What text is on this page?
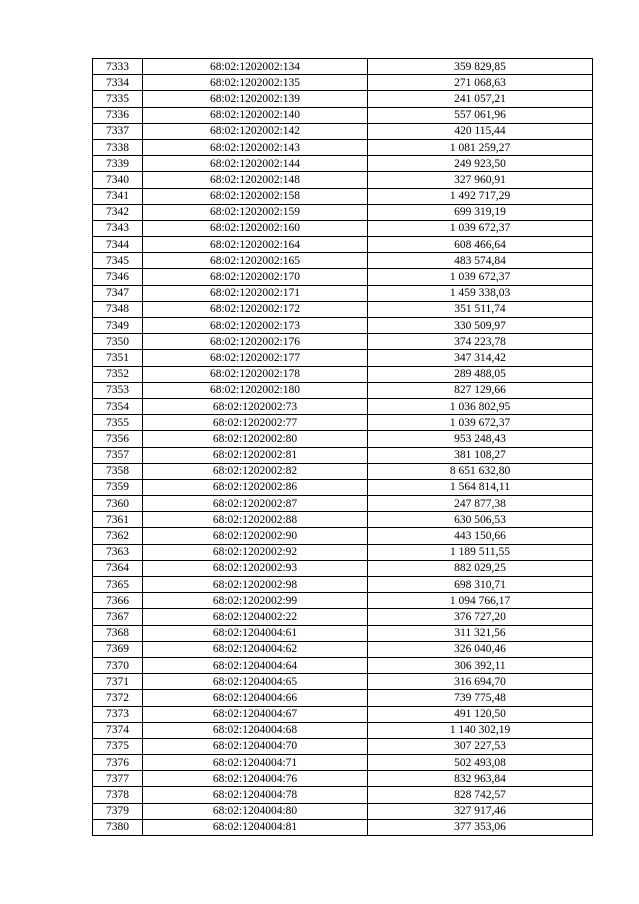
7333	68:02:1202002:134	359 829,85
7334	68:02:1202002:135	271 068,63
7335	68:02:1202002:139	241 057,21
7336	68:02:1202002:140	557 061,96
7337	68:02:1202002:142	420 115,44
7338	68:02:1202002:143	1 081 259,27
7339	68:02:1202002:144	249 923,50
7340	68:02:1202002:148	327 960,91
7341	68:02:1202002:158	1 492 717,29
7342	68:02:1202002:159	699 319,19
7343	68:02:1202002:160	1 039 672,37
7344	68:02:1202002:164	608 466,64
7345	68:02:1202002:165	483 574,84
7346	68:02:1202002:170	1 039 672,37
7347	68:02:1202002:171	1 459 338,03
7348	68:02:1202002:172	351 511,74
7349	68:02:1202002:173	330 509,97
7350	68:02:1202002:176	374 223,78
7351	68:02:1202002:177	347 314,42
7352	68:02:1202002:178	289 488,05
7353	68:02:1202002:180	827 129,66
7354	68:02:1202002:73	1 036 802,95
7355	68:02:1202002:77	1 039 672,37
7356	68:02:1202002:80	953 248,43
7357	68:02:1202002:81	381 108,27
7358	68:02:1202002:82	8 651 632,80
7359	68:02:1202002:86	1 564 814,11
7360	68:02:1202002:87	247 877,38
7361	68:02:1202002:88	630 506,53
7362	68:02:1202002:90	443 150,66
7363	68:02:1202002:92	1 189 511,55
7364	68:02:1202002:93	882 029,25
7365	68:02:1202002:98	698 310,71
7366	68:02:1202002:99	1 094 766,17
7367	68:02:1204002:22	376 727,20
7368	68:02:1204004:61	311 321,56
7369	68:02:1204004:62	326 040,46
7370	68:02:1204004:64	306 392,11
7371	68:02:1204004:65	316 694,70
7372	68:02:1204004:66	739 775,48
7373	68:02:1204004:67	491 120,50
7374	68:02:1204004:68	1 140 302,19
7375	68:02:1204004:70	307 227,53
7376	68:02:1204004:71	502 493,08
7377	68:02:1204004:76	832 963,84
7378	68:02:1204004:78	828 742,57
7379	68:02:1204004:80	327 917,46
7380	68:02:1204004:81	377 353,06
